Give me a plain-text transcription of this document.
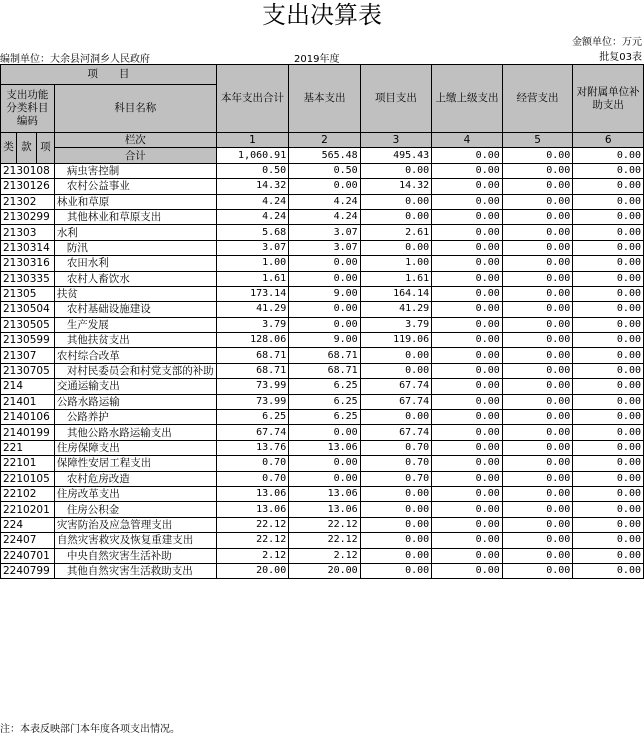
支出决算表
金额单位：万元
批复03表
编制单位：大余县河洞乡人民政府	2019年度
项　　目				本年支出合计	基本支出	项目支出	上缴上级支出	经营支出	对附属单位补助支出
支出功能分类科目编码			科目名称						

类	款	项	栏次	1	2	3	4	5	6
			合计	1,060.91	565.48	495.43	0.00	0.00	0.00
2130108			病虫害控制	0.50	0.50	0.00	0.00	0.00	0.00
2130126			农村公益事业	14.32	0.00	14.32	0.00	0.00	0.00
21302			林业和草原	4.24	4.24	0.00	0.00	0.00	0.00
2130299			其他林业和草原支出	4.24	4.24	0.00	0.00	0.00	0.00
21303			水利	5.68	3.07	2.61	0.00	0.00	0.00
2130314			防汛	3.07	3.07	0.00	0.00	0.00	0.00
2130316			农田水利	1.00	0.00	1.00	0.00	0.00	0.00
2130335			农村人畜饮水	1.61	0.00	1.61	0.00	0.00	0.00
21305			扶贫	173.14	9.00	164.14	0.00	0.00	0.00
2130504			农村基础设施建设	41.29	0.00	41.29	0.00	0.00	0.00
2130505			生产发展	3.79	0.00	3.79	0.00	0.00	0.00
2130599			其他扶贫支出	128.06	9.00	119.06	0.00	0.00	0.00
21307			农村综合改革	68.71	68.71	0.00	0.00	0.00	0.00
2130705			对村民委员会和村党支部的补助	68.71	68.71	0.00	0.00	0.00	0.00
214			交通运输支出	73.99	6.25	67.74	0.00	0.00	0.00
21401			公路水路运输	73.99	6.25	67.74	0.00	0.00	0.00
2140106			公路养护	6.25	6.25	0.00	0.00	0.00	0.00
2140199			其他公路水路运输支出	67.74	0.00	67.74	0.00	0.00	0.00
221			住房保障支出	13.76	13.06	0.70	0.00	0.00	0.00
22101			保障性安居工程支出	0.70	0.00	0.70	0.00	0.00	0.00
2210105			农村危房改造	0.70	0.00	0.70	0.00	0.00	0.00
22102			住房改革支出	13.06	13.06	0.00	0.00	0.00	0.00
2210201			住房公积金	13.06	13.06	0.00	0.00	0.00	0.00
224			灾害防治及应急管理支出	22.12	22.12	0.00	0.00	0.00	0.00
22407			自然灾害救灾及恢复重建支出	22.12	22.12	0.00	0.00	0.00	0.00
2240701			中央自然灾害生活补助	2.12	2.12	0.00	0.00	0.00	0.00
2240799			其他自然灾害生活救助支出	20.00	20.00	0.00	0.00	0.00	0.00
注：本表反映部门本年度各项支出情况。
